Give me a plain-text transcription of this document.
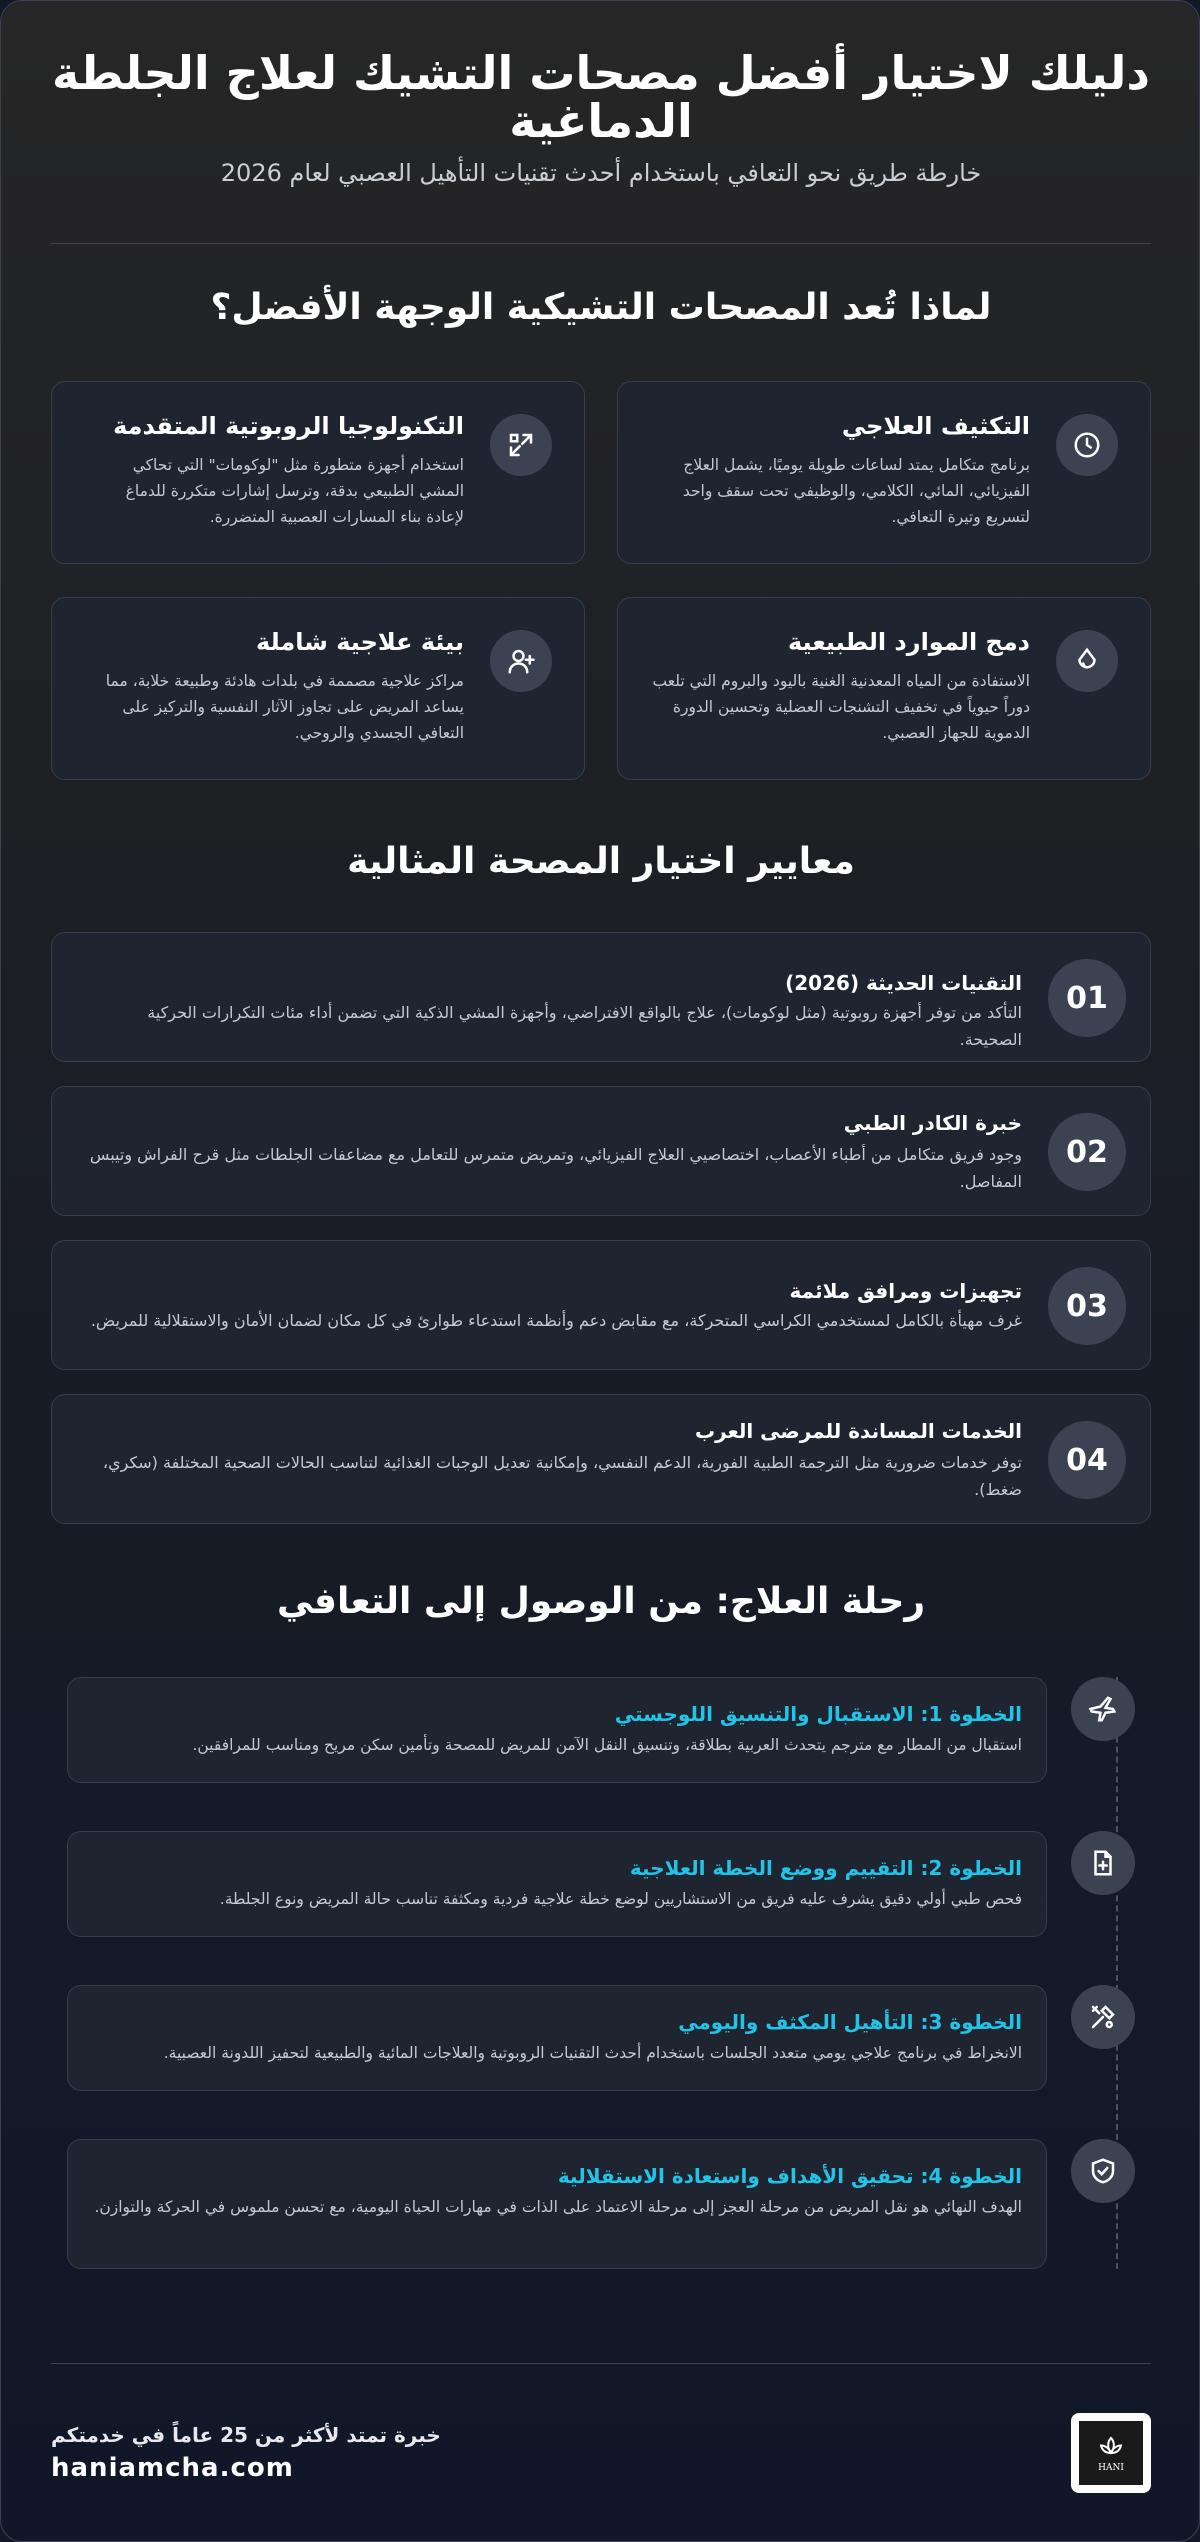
دليلك لاختيار أفضل مصحات التشيك لعلاج الجلطة الدماغية
خارطة طريق نحو التعافي باستخدام أحدث تقنيات التأهيل العصبي لعام 2026
لماذا تُعد المصحات التشيكية الوجهة الأفضل؟
التكثيف العلاجي
برنامج متكامل يمتد لساعات طويلة يوميًا، يشمل العلاج الفيزيائي، المائي، الكلامي، والوظيفي تحت سقف واحد لتسريع وتيرة التعافي.
التكنولوجيا الروبوتية المتقدمة
استخدام أجهزة متطورة مثل "لوكومات" التي تحاكي المشي الطبيعي بدقة، وترسل إشارات متكررة للدماغ لإعادة بناء المسارات العصبية المتضررة.
دمج الموارد الطبيعية
الاستفادة من المياه المعدنية الغنية باليود والبروم التي تلعب دوراً حيوياً في تخفيف التشنجات العضلية وتحسين الدورة الدموية للجهاز العصبي.
بيئة علاجية شاملة
مراكز علاجية مصممة في بلدات هادئة وطبيعة خلابة، مما يساعد المريض على تجاوز الآثار النفسية والتركيز على التعافي الجسدي والروحي.
معايير اختيار المصحة المثالية
01
التقنيات الحديثة (2026)
التأكد من توفر أجهزة روبوتية (مثل لوكومات)، علاج بالواقع الافتراضي، وأجهزة المشي الذكية التي تضمن أداء مئات التكرارات الحركية الصحيحة.
02
خبرة الكادر الطبي
وجود فريق متكامل من أطباء الأعصاب، اختصاصيي العلاج الفيزيائي، وتمريض متمرس للتعامل مع مضاعفات الجلطات مثل قرح الفراش وتيبس المفاصل.
03
تجهيزات ومرافق ملائمة
غرف مهيأة بالكامل لمستخدمي الكراسي المتحركة، مع مقابض دعم وأنظمة استدعاء طوارئ في كل مكان لضمان الأمان والاستقلالية للمريض.
04
الخدمات المساندة للمرضى العرب
توفر خدمات ضرورية مثل الترجمة الطبية الفورية، الدعم النفسي، وإمكانية تعديل الوجبات الغذائية لتناسب الحالات الصحية المختلفة (سكري، ضغط).
رحلة العلاج: من الوصول إلى التعافي
الخطوة 1: الاستقبال والتنسيق اللوجستي
استقبال من المطار مع مترجم يتحدث العربية بطلاقة، وتنسيق النقل الآمن للمريض للمصحة وتأمين سكن مريح ومناسب للمرافقين.
الخطوة 2: التقييم ووضع الخطة العلاجية
فحص طبي أولي دقيق يشرف عليه فريق من الاستشاريين لوضع خطة علاجية فردية ومكثفة تناسب حالة المريض ونوع الجلطة.
الخطوة 3: التأهيل المكثف واليومي
الانخراط في برنامج علاجي يومي متعدد الجلسات باستخدام أحدث التقنيات الروبوتية والعلاجات المائية والطبيعية لتحفيز اللدونة العصبية.
الخطوة 4: تحقيق الأهداف واستعادة الاستقلالية
الهدف النهائي هو نقل المريض من مرحلة العجز إلى مرحلة الاعتماد على الذات في مهارات الحياة اليومية، مع تحسن ملموس في الحركة والتوازن.
HANI
خبرة تمتد لأكثر من 25 عاماً في خدمتكم
haniamcha.com
